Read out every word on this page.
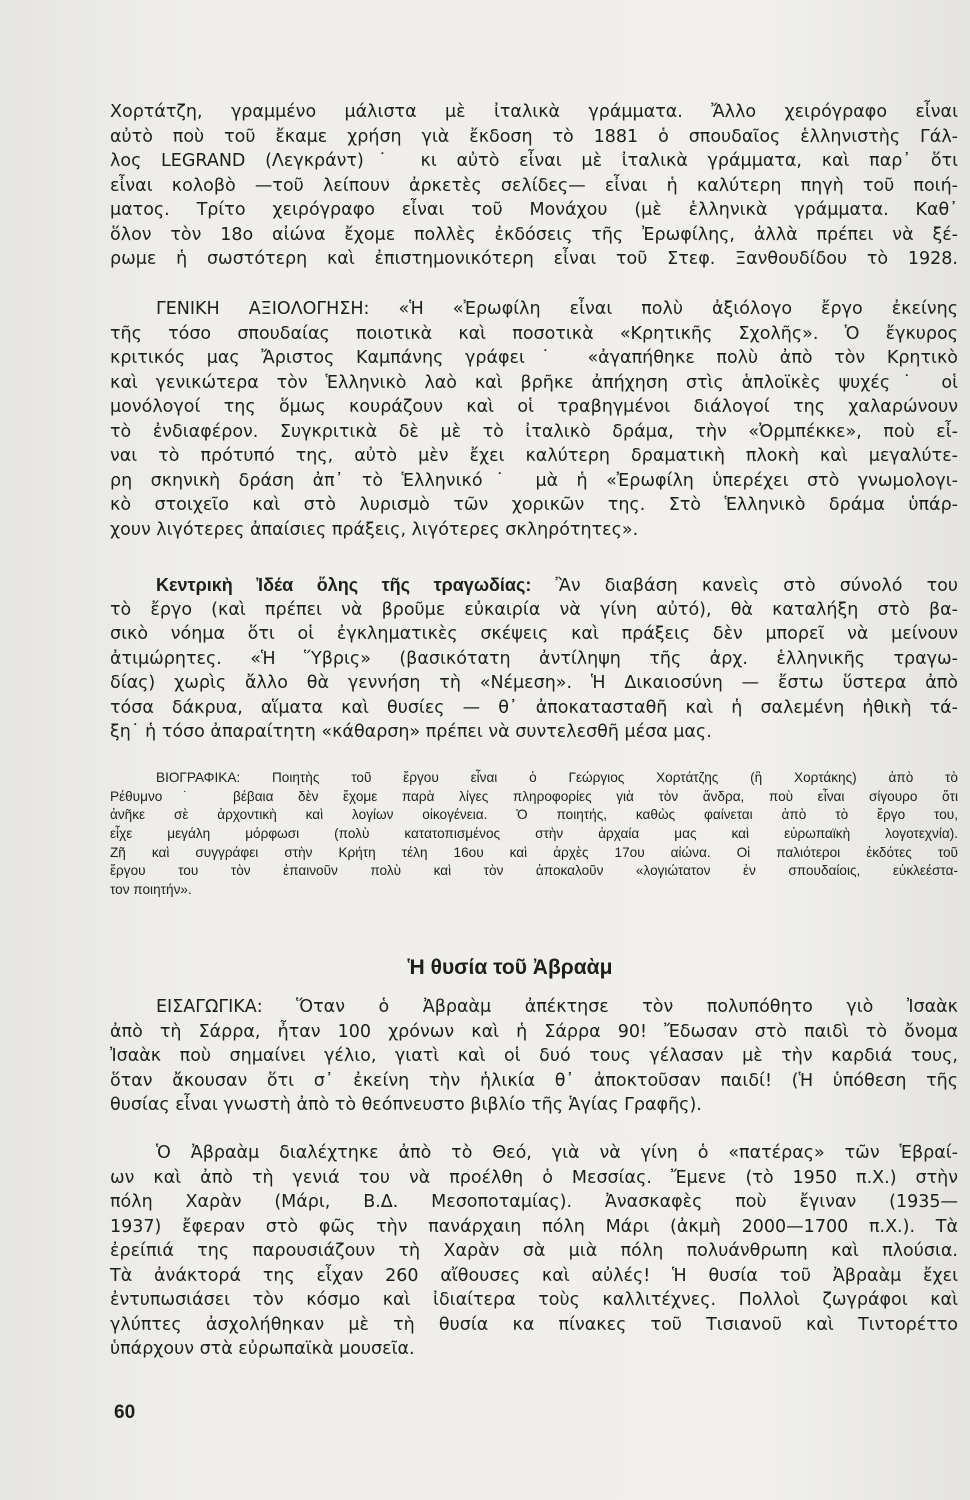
Χορτάτζη, γραμμένο μάλιστα μὲ ἰταλικὰ γράμματα. Ἄλλο χειρόγραφο εἶναι
αὐτὸ ποὺ τοῦ ἔκαμε χρήση γιὰ ἔκδοση τὸ 1881 ὁ σπουδαῖος ἑλληνιστὴς Γάλ-
λος LEGRAND (Λεγκράντ)˙ κι αὐτὸ εἶναι μὲ ἰταλικὰ γράμματα, καὶ παρ᾽ ὅτι
εἶναι κολοβὸ —τοῦ λείπουν ἀρκετὲς σελίδες— εἶναι ἡ καλύτερη πηγὴ τοῦ ποιή-
ματος. Τρίτο χειρόγραφο εἶναι τοῦ Μονάχου (μὲ ἑλληνικὰ γράμματα. Καθ᾽
ὅλον τὸν 18ο αἰώνα ἔχομε πολλὲς ἐκδόσεις τῆς Ἐρωφίλης, ἀλλὰ πρέπει νὰ ξέ-
ρωμε ἡ σωστότερη καὶ ἐπιστημονικότερη εἶναι τοῦ Στεφ. Ξανθουδίδου τὸ 1928.
ΓΕΝΙΚΗ ΑΞΙΟΛΟΓΗΣΗ: «Ἡ «Ἐρωφίλη εἶναι πολὺ ἀξιόλογο ἔργο ἐκείνης
τῆς τόσο σπουδαίας ποιοτικὰ καὶ ποσοτικὰ «Κρητικῆς Σχολῆς». Ὁ ἔγκυρος
κριτικός μας Ἄριστος Καμπάνης γράφει˙ «ἀγαπήθηκε πολὺ ἀπὸ τὸν Κρητικὸ
καὶ γενικώτερα τὸν Ἑλληνικὸ λαὸ καὶ βρῆκε ἀπήχηση στὶς ἁπλοϊκὲς ψυχές˙ οἱ
μονόλογοί της ὅμως κουράζουν καὶ οἱ τραβηγμένοι διάλογοί της χαλαρώνουν
τὸ ἐνδιαφέρον. Συγκριτικὰ δὲ μὲ τὸ ἰταλικὸ δράμα, τὴν «Ὀρμπέκκε», ποὺ εἶ-
ναι τὸ πρότυπό της, αὐτὸ μὲν ἔχει καλύτερη δραματικὴ πλοκὴ καὶ μεγαλύτε-
ρη σκηνικὴ δράση ἀπ᾽ τὸ Ἑλληνικό˙ μὰ ἡ «Ἐρωφίλη ὑπερέχει στὸ γνωμολογι-
κὸ στοιχεῖο καὶ στὸ λυρισμὸ τῶν χορικῶν της. Στὸ Ἑλληνικὸ δράμα ὑπάρ-
χουν λιγότερες ἀπαίσιες πράξεις, λιγότερες σκληρότητες».
Κεντρικὴ Ἰδέα ὅλης τῆς τραγωδίας: Ἂν διαβάση κανεὶς στὸ σύνολό του
τὸ ἔργο (καὶ πρέπει νὰ βροῦμε εὐκαιρία νὰ γίνη αὐτό), θὰ καταλήξη στὸ βα-
σικὸ νόημα ὅτι οἱ ἐγκληματικὲς σκέψεις καὶ πράξεις δὲν μπορεῖ νὰ μείνουν
ἀτιμώρητες. «Ἡ Ὕβρις» (βασικότατη ἀντίληψη τῆς ἀρχ. ἑλληνικῆς τραγω-
δίας) χωρὶς ἄλλο θὰ γεννήση τὴ «Νέμεση». Ἡ Δικαιοσύνη — ἔστω ὕστερα ἀπὸ
τόσα δάκρυα, αἵματα καὶ θυσίες — θ᾽ ἀποκατασταθῆ καὶ ἡ σαλεμένη ἠθικὴ τά-
ξη˙ ἡ τόσο ἀπαραίτητη «κάθαρση» πρέπει νὰ συντελεσθῆ μέσα μας.
ΒΙΟΓΡΑΦΙΚΑ: Ποιητὴς τοῦ ἔργου εἶναι ὁ Γεώργιος Χορτάτζης (ἢ Χορτάκης) ἀπὸ τὸ
Ρέθυμνο˙ βέβαια δὲν ἔχομε παρὰ λίγες πληροφορίες γιὰ τὸν ἄνδρα, ποὺ εἶναι σίγουρο ὅτι
ἀνῆκε σὲ ἀρχοντικὴ καὶ λογίων οἰκογένεια. Ὁ ποιητής, καθὼς φαίνεται ἀπὸ τὸ ἔργο του,
εἶχε μεγάλη μόρφωσι (πολὺ κατατοπισμένος στὴν ἀρχαία μας καὶ εὐρωπαϊκὴ λογοτεχνία).
Ζῆ καὶ συγγράφει στὴν Κρήτη τέλη 16ου καὶ ἀρχὲς 17ου αἰώνα. Οἱ παλιότεροι ἐκδότες τοῦ
ἔργου του τὸν ἐπαινοῦν πολὺ καὶ τὸν ἀποκαλοῦν «λογιώτατον ἐν σπουδαίοις, εὐκλεέστα-
τον ποιητήν».
Ἡ θυσία τοῦ Ἀβραὰμ
ΕΙΣΑΓΩΓΙΚΑ: Ὅταν ὁ Ἀβραὰμ ἀπέκτησε τὸν πολυπόθητο γιὸ Ἰσαὰκ
ἀπὸ τὴ Σάρρα, ἦταν 100 χρόνων καὶ ἡ Σάρρα 90! Ἔδωσαν στὸ παιδὶ τὸ ὄνομα
Ἰσαὰκ ποὺ σημαίνει γέλιο, γιατὶ καὶ οἱ δυό τους γέλασαν μὲ τὴν καρδιά τους,
ὅταν ἄκουσαν ὅτι σ᾽ ἐκείνη τὴν ἡλικία θ᾽ ἀποκτοῦσαν παιδί! (Ἡ ὑπόθεση τῆς
θυσίας εἶναι γνωστὴ ἀπὸ τὸ θεόπνευστο βιβλίο τῆς Ἁγίας Γραφῆς).
Ὁ Ἀβραὰμ διαλέχτηκε ἀπὸ τὸ Θεό, γιὰ νὰ γίνη ὁ «πατέρας» τῶν Ἑβραί-
ων καὶ ἀπὸ τὴ γενιά του νὰ προέλθη ὁ Μεσσίας. Ἔμενε (τὸ 1950 π.Χ.) στὴν
πόλη Χαρὰν (Μάρι, Β.Δ. Μεσοποταμίας). Ἀνασκαφὲς ποὺ ἔγιναν (1935—
1937) ἔφεραν στὸ φῶς τὴν πανάρχαιη πόλη Μάρι (ἀκμὴ 2000—1700 π.Χ.). Τὰ
ἐρείπιά της παρουσιάζουν τὴ Χαρὰν σὰ μιὰ πόλη πολυάνθρωπη καὶ πλούσια.
Τὰ ἀνάκτορά της εἶχαν 260 αἴθουσες καὶ αὐλές! Ἡ θυσία τοῦ Ἀβραὰμ ἔχει
ἐντυπωσιάσει τὸν κόσμο καὶ ἰδιαίτερα τοὺς καλλιτέχνες. Πολλοὶ ζωγράφοι καὶ
γλύπτες ἀσχολήθηκαν μὲ τὴ θυσία κα πίνακες τοῦ Τισιανοῦ καὶ Τιντορέττο
ὑπάρχουν στὰ εὐρωπαϊκὰ μουσεῖα.
60
